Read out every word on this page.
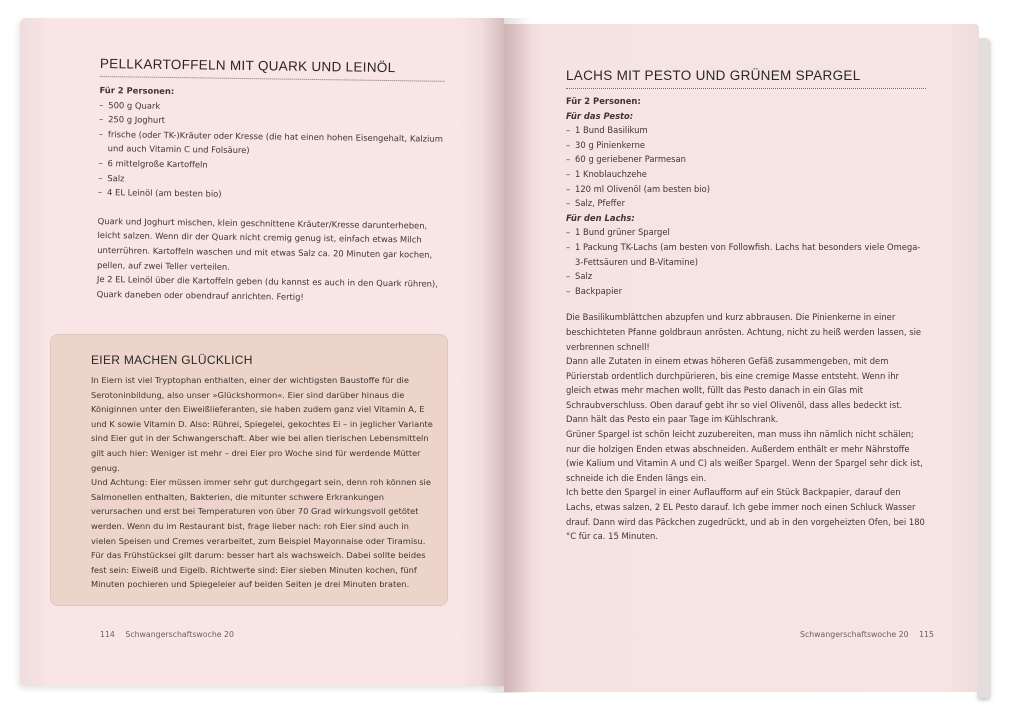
PELLKARTOFFELN MIT QUARK UND LEINÖL
Für 2 Personen:
– 500 g Quark
– 250 g Joghurt
– frische (oder TK-)Kräuter oder Kresse (die hat einen hohen Eisengehalt, Kalzium und auch Vitamin C und Folsäure)
– 6 mittelgroße Kartoffeln
– Salz
– 4 EL Leinöl (am besten bio)
Quark und Joghurt mischen, klein geschnittene Kräuter/Kresse darunterheben, leicht salzen. Wenn dir der Quark nicht cremig genug ist, einfach etwas Milch unterrühren. Kartoffeln waschen und mit etwas Salz ca. 20 Minuten gar kochen, pellen, auf zwei Teller verteilen.
Je 2 EL Leinöl über die Kartoffeln geben (du kannst es auch in den Quark rühren), Quark daneben oder obendrauf anrichten. Fertig!
EIER MACHEN GLÜCKLICH
In Eiern ist viel Tryptophan enthalten, einer der wichtigsten Baustoffe für die Serotoninbildung, also unser »Glückshormon«. Eier sind darüber hinaus die Königinnen unter den Eiweißlieferanten, sie haben zudem ganz viel Vitamin A, E und K sowie Vitamin D. Also: Rührei, Spiegelei, gekochtes Ei – in jeglicher Variante sind Eier gut in der Schwangerschaft. Aber wie bei allen tierischen Lebensmitteln gilt auch hier: Weniger ist mehr – drei Eier pro Woche sind für werdende Mütter genug.
Und Achtung: Eier müssen immer sehr gut durchgegart sein, denn roh können sie Salmonellen enthalten, Bakterien, die mitunter schwere Erkrankungen verursachen und erst bei Temperaturen von über 70 Grad wirkungsvoll getötet werden. Wenn du im Restaurant bist, frage lieber nach: roh Eier sind auch in vielen Speisen und Cremes verarbeitet, zum Beispiel Mayonnaise oder Tiramisu. Für das Frühstücksei gilt darum: besser hart als wachsweich. Dabei sollte beides fest sein: Eiweiß und Eigelb. Richtwerte sind: Eier sieben Minuten kochen, fünf Minuten pochieren und Spiegeleier auf beiden Seiten je drei Minuten braten.
114 Schwangerschaftswoche 20
LACHS MIT PESTO UND GRÜNEM SPARGEL
Für 2 Personen:
Für das Pesto:
– 1 Bund Basilikum
– 30 g Pinienkerne
– 60 g geriebener Parmesan
– 1 Knoblauchzehe
– 120 ml Olivenöl (am besten bio)
– Salz, Pfeffer
Für den Lachs:
– 1 Bund grüner Spargel
– 1 Packung TK-Lachs (am besten von Followfish. Lachs hat besonders viele Omega-3-Fettsäuren und B-Vitamine)
– Salz
– Backpapier
Die Basilikumblättchen abzupfen und kurz abbrausen. Die Pinienkerne in einer beschichteten Pfanne goldbraun anrösten. Achtung, nicht zu heiß werden lassen, sie verbrennen schnell!
Dann alle Zutaten in einem etwas höheren Gefäß zusammengeben, mit dem Pürierstab ordentlich durchpürieren, bis eine cremige Masse entsteht. Wenn ihr gleich etwas mehr machen wollt, füllt das Pesto danach in ein Glas mit Schraubverschluss. Oben darauf gebt ihr so viel Olivenöl, dass alles bedeckt ist. Dann hält das Pesto ein paar Tage im Kühlschrank.
Grüner Spargel ist schön leicht zuzubereiten, man muss ihn nämlich nicht schälen; nur die holzigen Enden etwas abschneiden. Außerdem enthält er mehr Nährstoffe (wie Kalium und Vitamin A und C) als weißer Spargel. Wenn der Spargel sehr dick ist, schneide ich die Enden längs ein.
Ich bette den Spargel in einer Auflaufform auf ein Stück Backpapier, darauf den Lachs, etwas salzen, 2 EL Pesto darauf. Ich gebe immer noch einen Schluck Wasser drauf. Dann wird das Päckchen zugedrückt, und ab in den vorgeheizten Ofen, bei 180 °C für ca. 15 Minuten.
Schwangerschaftswoche 20 115
